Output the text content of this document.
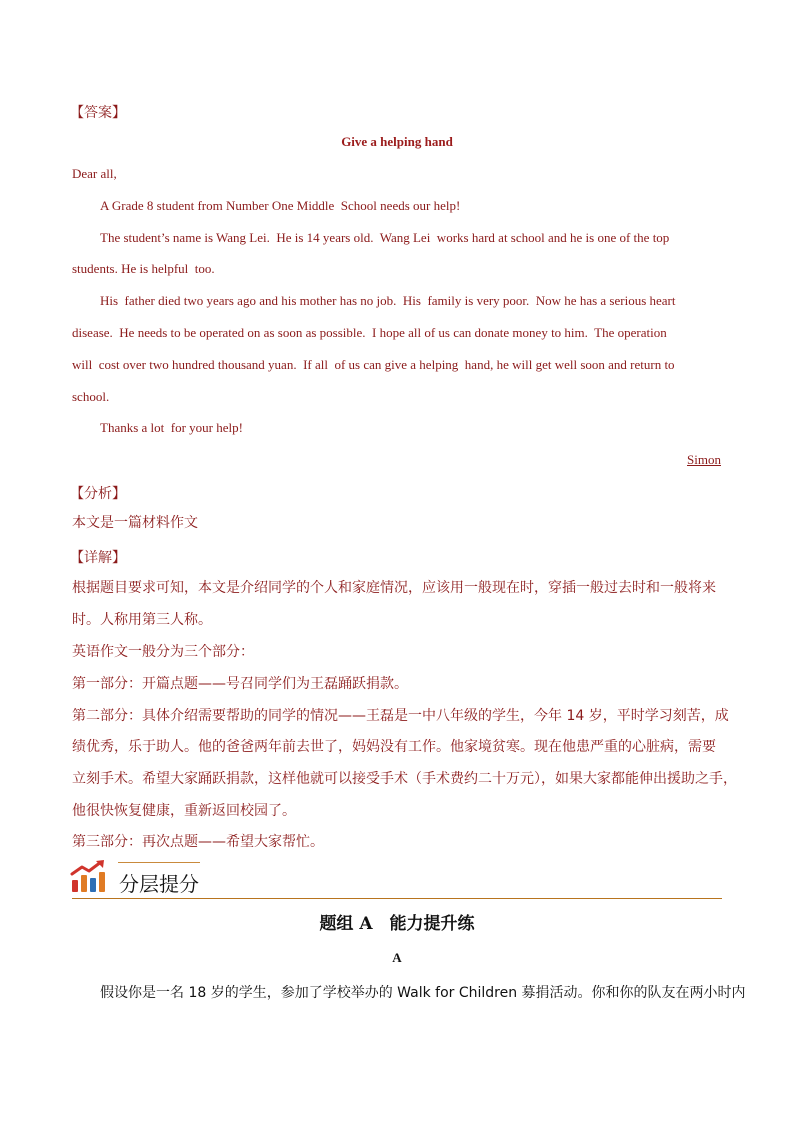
【答案】
Give a helping hand
Dear all,
A Grade 8 student from Number One Middle  School needs our help!
The student’s name is Wang Lei.  He is 14 years old.  Wang Lei  works hard at school and he is one of the top
students. He is helpful  too.
His  father died two years ago and his mother has no job.  His  family is very poor.  Now he has a serious heart
disease.  He needs to be operated on as soon as possible.  I hope all of us can donate money to him.  The operation
will  cost over two hundred thousand yuan.  If all  of us can give a helping  hand, he will get well soon and return to
school.
Thanks a lot  for your help!
Simon
【分析】
本文是一篇材料作文
【详解】
根据题目要求可知，本文是介绍同学的个人和家庭情况，应该用一般现在时，穿插一般过去时和一般将来
时。人称用第三人称。
英语作文一般分为三个部分：
第一部分：开篇点题——号召同学们为王磊踊跃捐款。
第二部分：具体介绍需要帮助的同学的情况——王磊是一中八年级的学生，今年 14 岁，平时学习刻苦，成
绩优秀，乐于助人。他的爸爸两年前去世了，妈妈没有工作。他家境贫寒。现在他患严重的心脏病，需要
立刻手术。希望大家踊跃捐款，这样他就可以接受手术（手术费约二十万元），如果大家都能伸出援助之手，
他很快恢复健康，重新返回校园了。
第三部分：再次点题——希望大家帮忙。
分层提分
题组 A　能力提升练
A
假设你是一名 18 岁的学生，参加了学校举办的 Walk for Children 募捐活动。你和你的队友在两小时内
